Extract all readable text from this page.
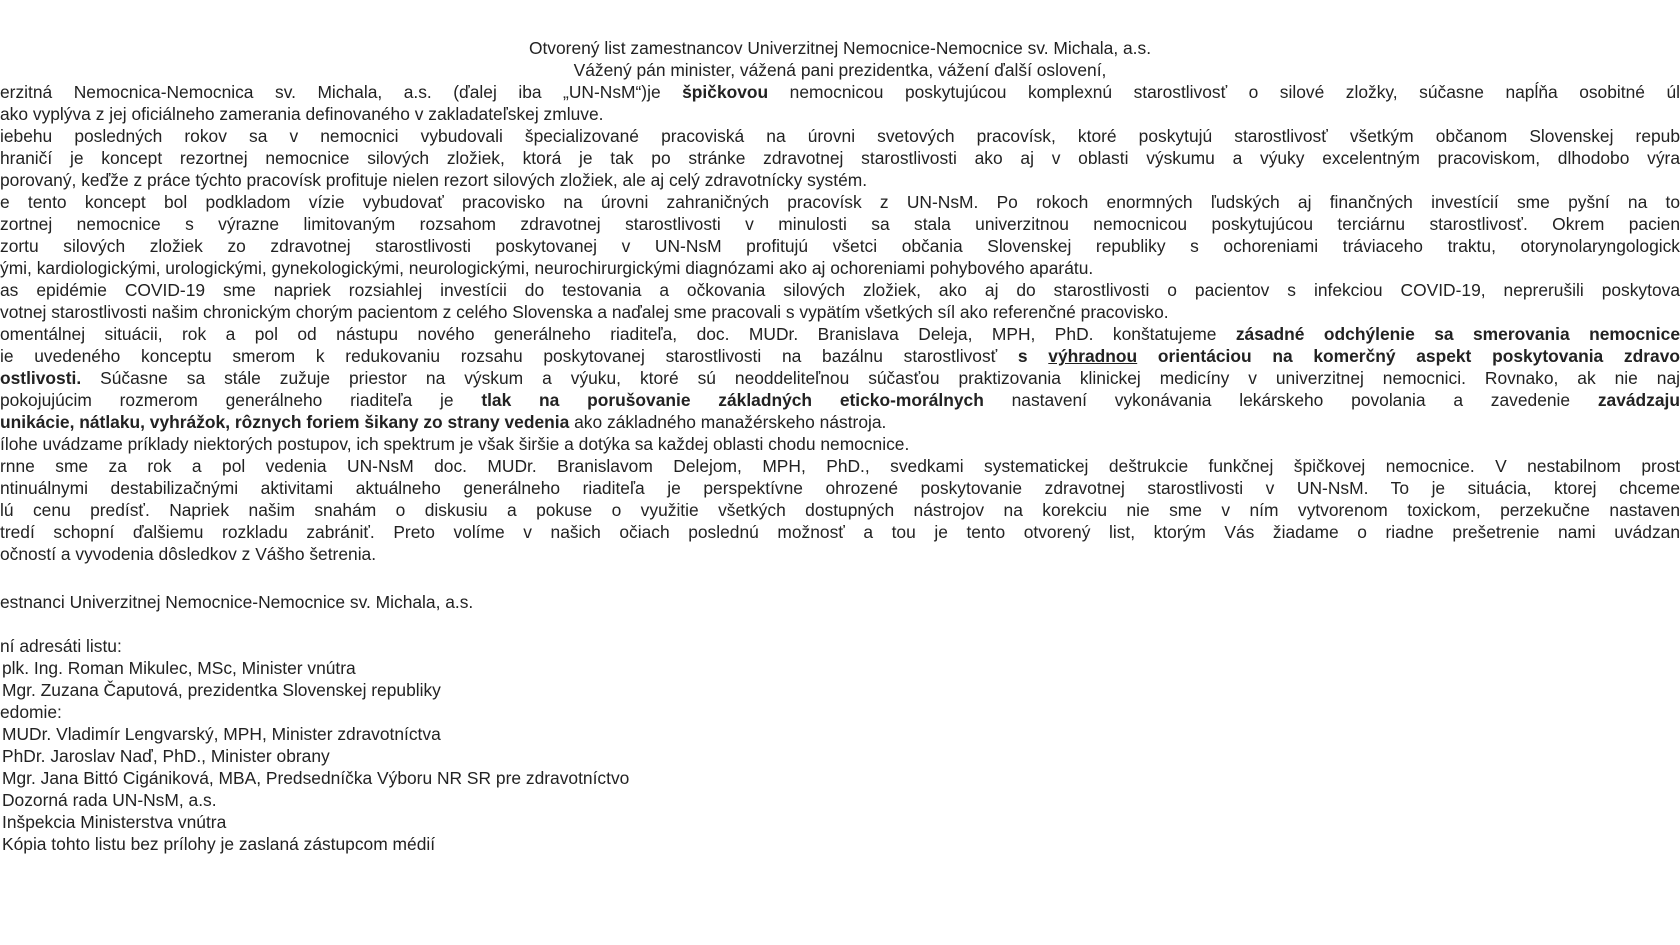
Otvorený list zamestnancov Univerzitnej Nemocnice-Nemocnice sv. Michala, a.s.
Vážený pán minister, vážená pani prezidentka, vážení ďalší oslovení,
erzitná Nemocnica-Nemocnica sv. Michala, a.s. (ďalej iba „UN-NsM“)je špičkovou nemocnicou poskytujúcou komplexnú starostlivosť o silové zložky, súčasne napĺňa osobitné úl
ako vyplýva z jej oficiálneho zamerania definovaného v zakladateľskej zmluve.
iebehu posledných rokov sa v nemocnici vybudovali špecializované pracoviská na úrovni svetových pracovísk, ktoré poskytujú starostlivosť všetkým občanom Slovenskej repub
hraničí je koncept rezortnej nemocnice silových zložiek, ktorá je tak po stránke zdravotnej starostlivosti ako aj v oblasti výskumu a výuky excelentným pracoviskom, dlhodobo výra
porovaný, keďže z práce týchto pracovísk profituje nielen rezort silových zložiek, ale aj celý zdravotnícky systém.
e tento koncept bol podkladom vízie vybudovať pracovisko na úrovni zahraničných pracovísk z UN-NsM. Po rokoch enormných ľudských aj finančných investícií sme pyšní na to
zortnej nemocnice s výrazne limitovaným rozsahom zdravotnej starostlivosti v minulosti sa stala univerzitnou nemocnicou poskytujúcou terciárnu starostlivosť. Okrem pacien
zortu silových zložiek zo zdravotnej starostlivosti poskytovanej v UN-NsM profitujú všetci občania Slovenskej republiky s ochoreniami tráviaceho traktu, otorynolaryngologick
ými, kardiologickými, urologickými, gynekologickými, neurologickými, neurochirurgickými diagnózami ako aj ochoreniami pohybového aparátu.
as epidémie COVID-19 sme napriek rozsiahlej investícii do testovania a očkovania silových zložiek, ako aj do starostlivosti o pacientov s infekciou COVID-19, neprerušili poskytova
votnej starostlivosti našim chronickým chorým pacientom z celého Slovenska a naďalej sme pracovali s vypätím všetkých síl ako referenčné pracovisko.
omentálnej situácii, rok a pol od nástupu nového generálneho riaditeľa, doc. MUDr. Branislava Deleja, MPH, PhD. konštatujeme zásadné odchýlenie sa smerovania nemocnice
ie uvedeného konceptu smerom k redukovaniu rozsahu poskytovanej starostlivosti na bazálnu starostlivosť s výhradnou orientáciou na komerčný aspekt poskytovania zdravo
ostlivosti. Súčasne sa stále zužuje priestor na výskum a výuku, ktoré sú neoddeliteľnou súčasťou praktizovania klinickej medicíny v univerzitnej nemocnici. Rovnako, ak nie naj
pokojujúcim rozmerom generálneho riaditeľa je tlak na porušovanie základných eticko-morálnych nastavení vykonávania lekárskeho povolania a zavedenie zavádzaju
unikácie, nátlaku, vyhrážok, rôznych foriem šikany zo strany vedenia ako základného manažérskeho nástroja.
ílohe uvádzame príklady niektorých postupov, ich spektrum je však širšie a dotýka sa každej oblasti chodu nemocnice.
rnne sme za rok a pol vedenia UN-NsM doc. MUDr. Branislavom Delejom, MPH, PhD., svedkami systematickej deštrukcie funkčnej špičkovej nemocnice. V nestabilnom prost
ntinuálnymi destabilizačnými aktivitami aktuálneho generálneho riaditeľa je perspektívne ohrozené poskytovanie zdravotnej starostlivosti v UN-NsM. To je situácia, ktorej chceme
lú cenu predísť. Napriek našim snahám o diskusiu a pokuse o využitie všetkých dostupných nástrojov na korekciu nie sme v ním vytvorenom toxickom, perzekučne nastaven
tredí schopní ďalšiemu rozkladu zabrániť. Preto volíme v našich očiach poslednú možnosť a tou je tento otvorený list, ktorým Vás žiadame o riadne prešetrenie nami uvádzan
očností a vyvodenia dôsledkov z Vášho šetrenia.
estnanci Univerzitnej Nemocnice-Nemocnice sv. Michala, a.s.
ní adresáti listu:
plk. Ing. Roman Mikulec, MSc, Minister vnútra
Mgr. Zuzana Čaputová, prezidentka Slovenskej republiky
edomie:
MUDr. Vladimír Lengvarský, MPH, Minister zdravotníctva
PhDr. Jaroslav Naď, PhD., Minister obrany
Mgr. Jana Bittó Cigániková, MBA, Predsedníčka Výboru NR SR pre zdravotníctvo
Dozorná rada UN-NsM, a.s.
Inšpekcia Ministerstva vnútra
Kópia tohto listu bez prílohy je zaslaná zástupcom médií
